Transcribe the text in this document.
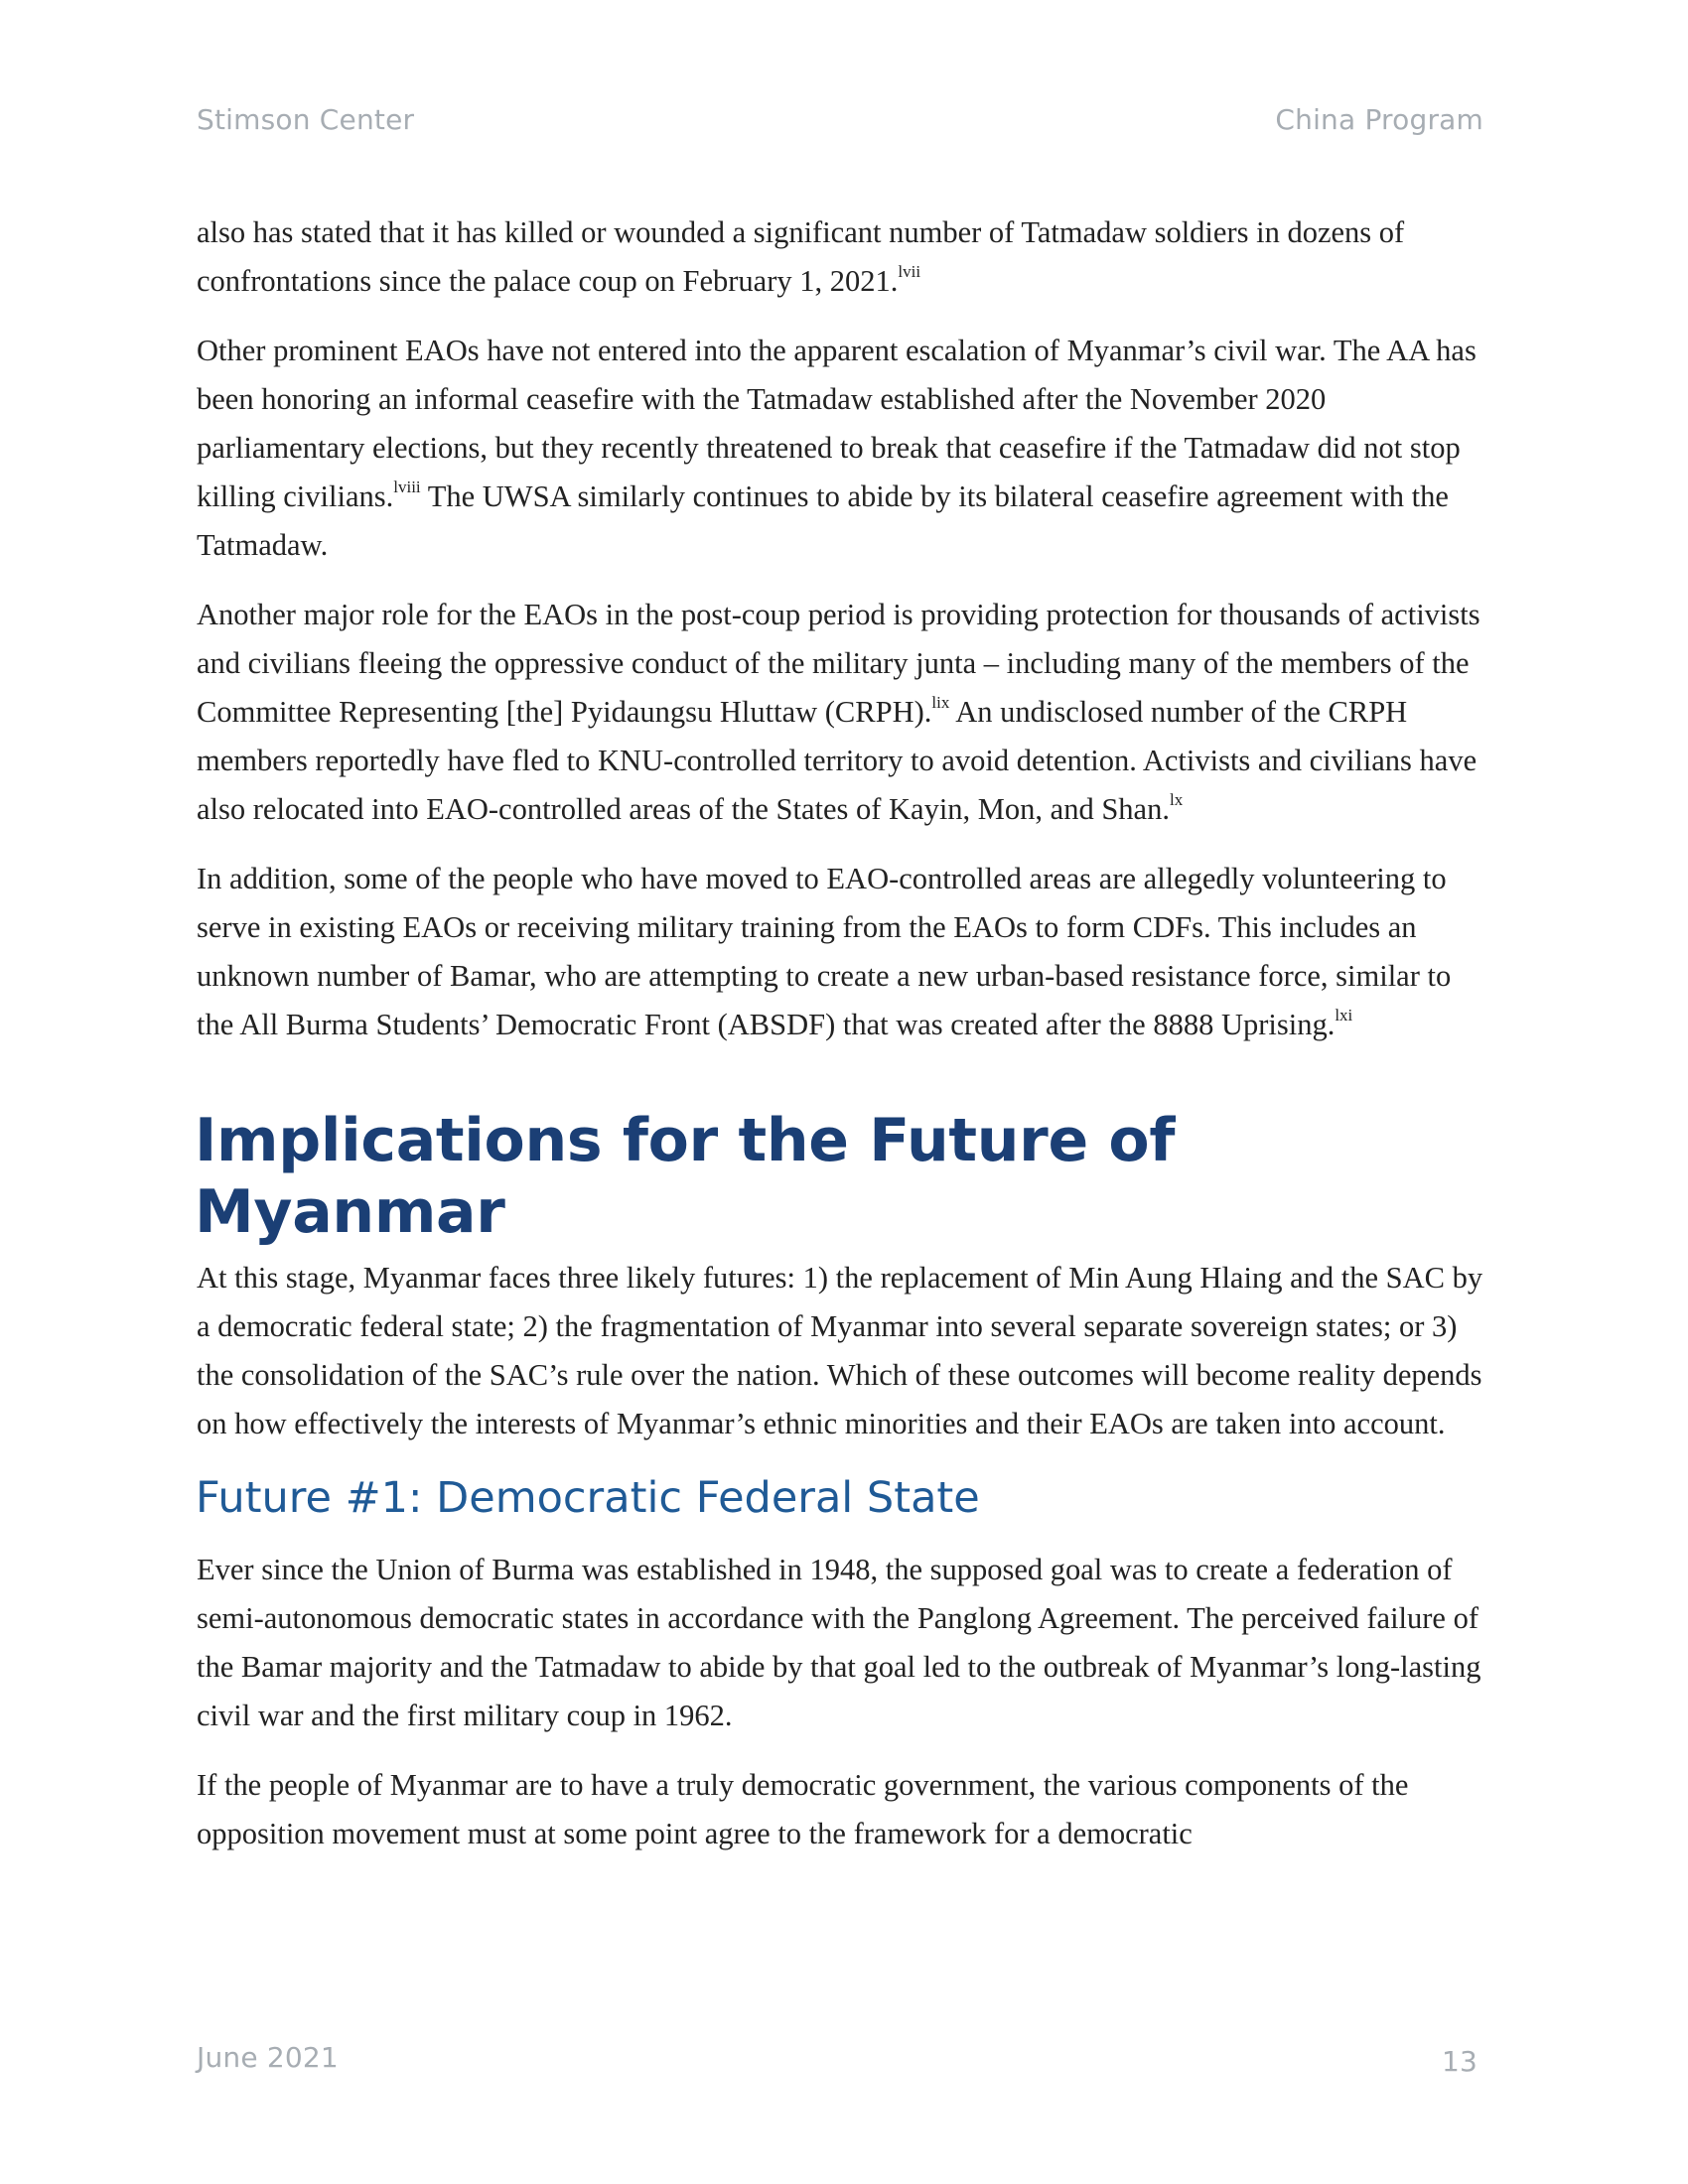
Stimson Center	China Program

also has stated that it has killed or wounded a significant number of Tatmadaw soldiers in dozens of confrontations since the palace coup on February 1, 2021.$^{lvii}$

Other prominent EAOs have not entered into the apparent escalation of Myanmar’s civil war. The AA has been honoring an informal ceasefire with the Tatmadaw established after the November 2020 parliamentary elections, but they recently threatened to break that ceasefire if the Tatmadaw did not stop killing civilians.$^{lviii}$ The UWSA similarly continues to abide by its bilateral ceasefire agreement with the Tatmadaw.

Another major role for the EAOs in the post-coup period is providing protection for thousands of activists and civilians fleeing the oppressive conduct of the military junta – including many of the members of the Committee Representing [the] Pyidaungsu Hluttaw (CRPH).$^{lix}$ An undisclosed number of the CRPH members reportedly have fled to KNU-controlled territory to avoid detention. Activists and civilians have also relocated into EAO-controlled areas of the States of Kayin, Mon, and Shan.$^{lx}$

In addition, some of the people who have moved to EAO-controlled areas are allegedly volunteering to serve in existing EAOs or receiving military training from the EAOs to form CDFs. This includes an unknown number of Bamar, who are attempting to create a new urban-based resistance force, similar to the All Burma Students’ Democratic Front (ABSDF) that was created after the 8888 Uprising.$^{lxi}$

Implications for the Future of Myanmar

At this stage, Myanmar faces three likely futures: 1) the replacement of Min Aung Hlaing and the SAC by a democratic federal state; 2) the fragmentation of Myanmar into several separate sovereign states; or 3) the consolidation of the SAC’s rule over the nation. Which of these outcomes will become reality depends on how effectively the interests of Myanmar’s ethnic minorities and their EAOs are taken into account.

Future #1: Democratic Federal State

Ever since the Union of Burma was established in 1948, the supposed goal was to create a federation of semi-autonomous democratic states in accordance with the Panglong Agreement. The perceived failure of the Bamar majority and the Tatmadaw to abide by that goal led to the outbreak of Myanmar’s long-lasting civil war and the first military coup in 1962.

If the people of Myanmar are to have a truly democratic government, the various components of the opposition movement must at some point agree to the framework for a democratic

June 2021	13
